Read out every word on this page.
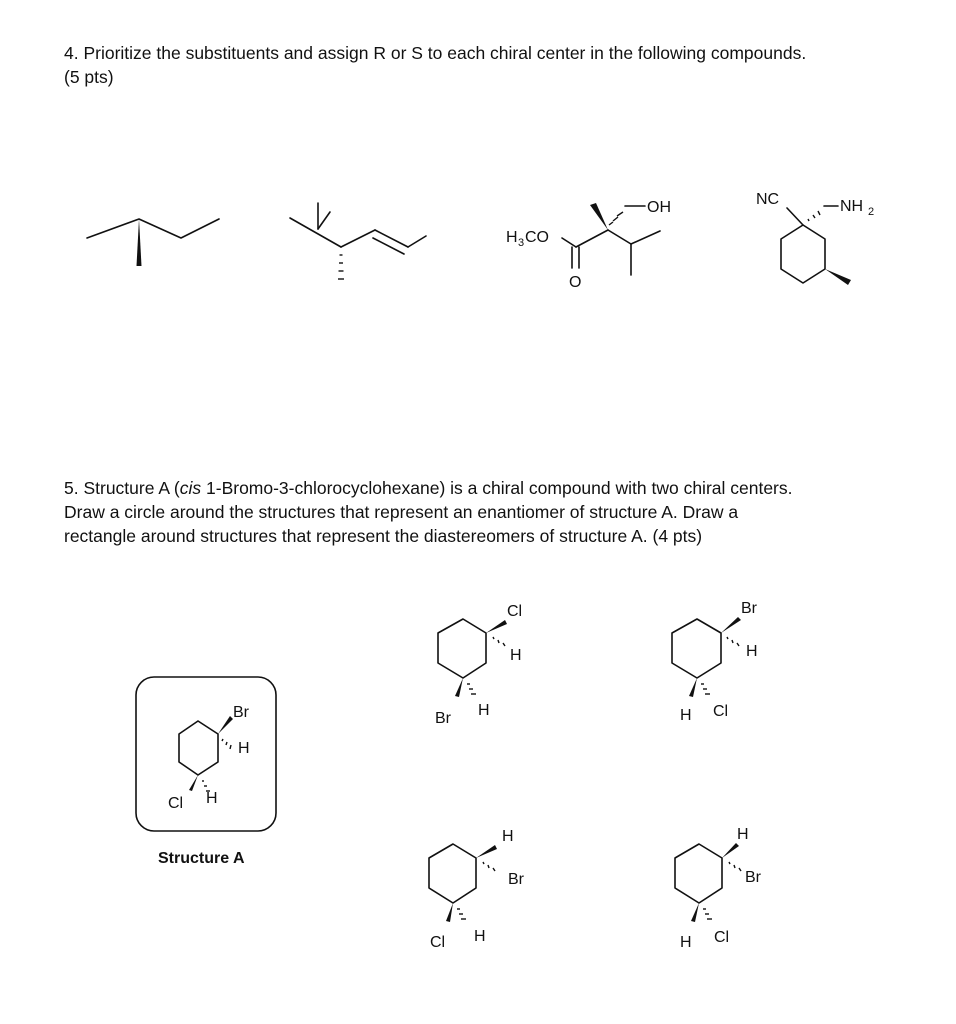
4. Prioritize the substituents and assign R or S to each chiral center in the following compounds.

(5 pts)

5. Structure A (cis 1-Bromo-3-chlorocyclohexane) is a chiral compound with two chiral centers.

Draw a circle around the structures that represent an enantiomer of structure A. Draw a

rectangle around structures that represent the diastereomers of structure A. (4 pts)

H 3 CO
O
OH	NC	NH 2
Br
H
Cl H
Structure A
Cl
H
Br H
Br
H
H Cl
H
Br
Cl H
H
Br
H Cl
